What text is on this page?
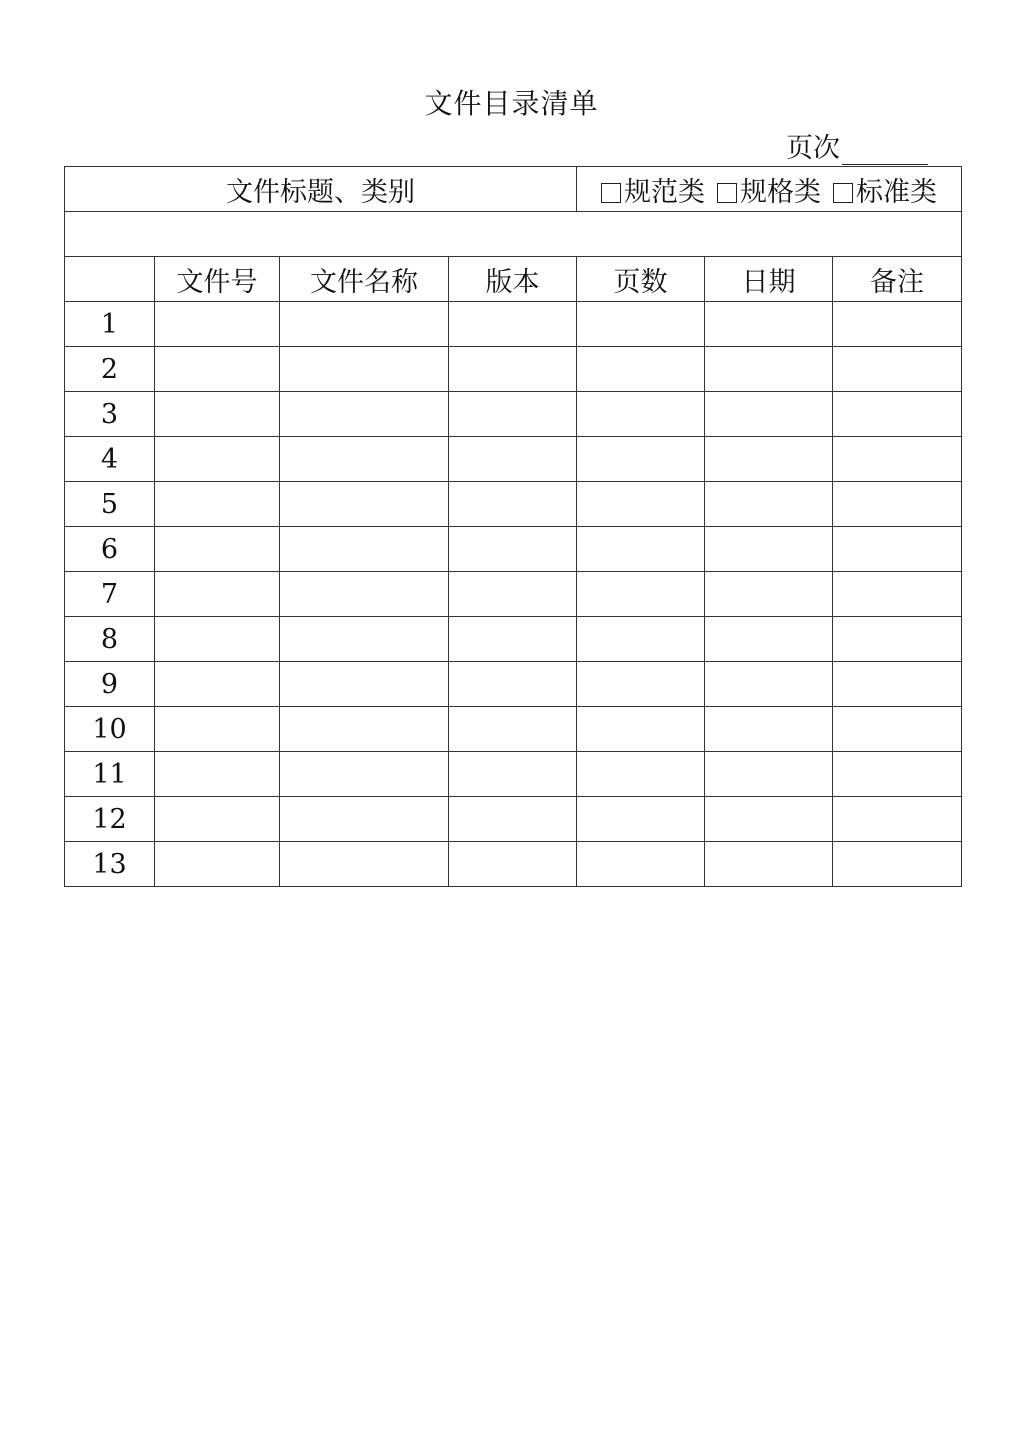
文件目录清单
页次
文件标题、类别				规范类 规格类 标准类		

	文件号	文件名称	版本	页数	日期	备注
1						
2						
3						
4						
5						
6						
7						
8						
9						
10						
11						
12						
13						
